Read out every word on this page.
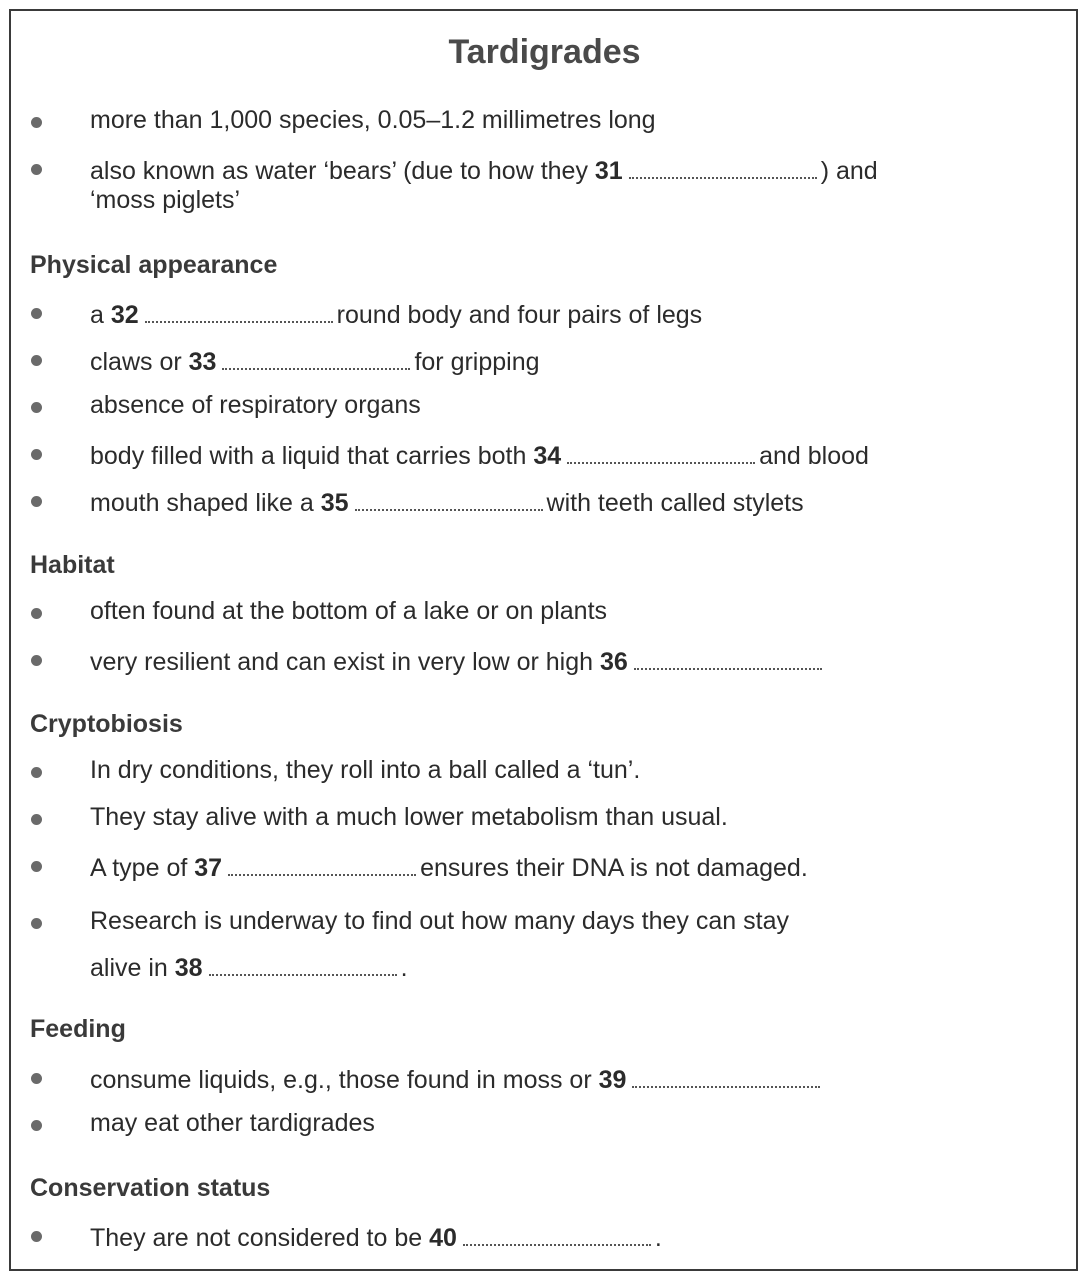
Tardigrades
more than 1,000 species, 0.05–1.2 millimetres long
also known as water ‘bears’ (due to how they 31	) and
‘moss piglets’
Physical appearance
a 32	round body and four pairs of legs
claws or 33	for gripping
absence of respiratory organs
body filled with a liquid that carries both 34	and blood
mouth shaped like a 35	with teeth called stylets
Habitat
often found at the bottom of a lake or on plants
very resilient and can exist in very low or high 36
Cryptobiosis
In dry conditions, they roll into a ball called a ‘tun’.
They stay alive with a much lower metabolism than usual.
A type of 37	ensures their DNA is not damaged.
Research is underway to find out how many days they can stay
alive in 38	.
Feeding
consume liquids, e.g., those found in moss or 39
may eat other tardigrades
Conservation status
They are not considered to be 40	.
